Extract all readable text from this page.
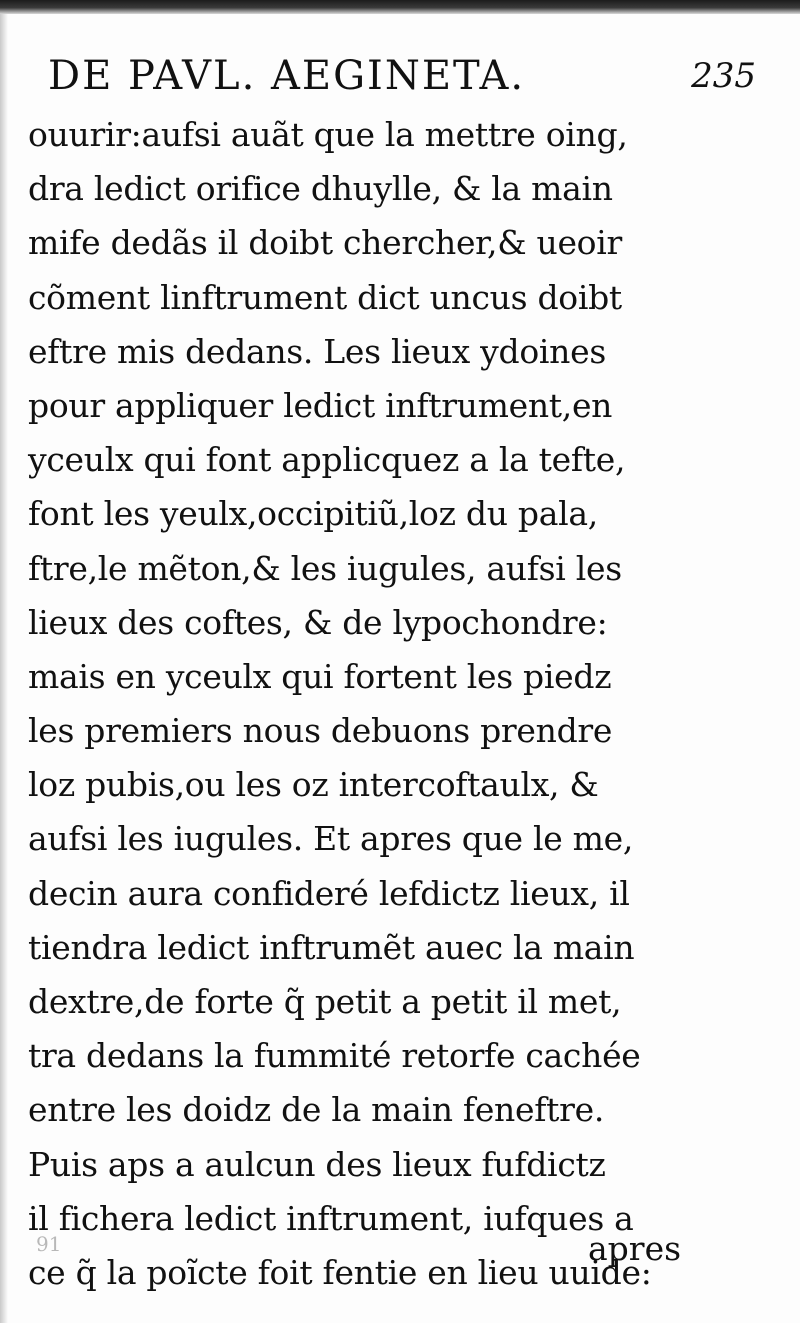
DE PAVL. AEGINETA.	235
ouurir:aufsi auãt que la mettre oing,
dra ledict orifice dhuylle, & la main
mife dedãs il doibt chercher,& ueoir
cõment linftrument dict uncus doibt
eftre mis dedans. Les lieux ydoines
pour appliquer ledict inftrument,en
yceulx qui font applicquez a la tefte,
font les yeulx,occipitiũ,loz du pala,
ftre,le mẽton,& les iugules, aufsi les
lieux des coftes, & de lypochondre:
mais en yceulx qui fortent les piedz
les premiers nous debuons prendre
loz pubis,ou les oz intercoftaulx, &
aufsi les iugules. Et apres que le me,
decin aura confideré lefdictz lieux, il
tiendra ledict inftrumẽt auec la main
dextre,de forte q̃ petit a petit il met,
tra dedans la fummité retorfe cachée
entre les doidz de la main feneftre.
Puis aps a aulcun des lieux fufdictz
il fichera ledict inftrument, iufques a
ce q̃ la poĩcte foit fentie en lieu uuide:
91	apres
